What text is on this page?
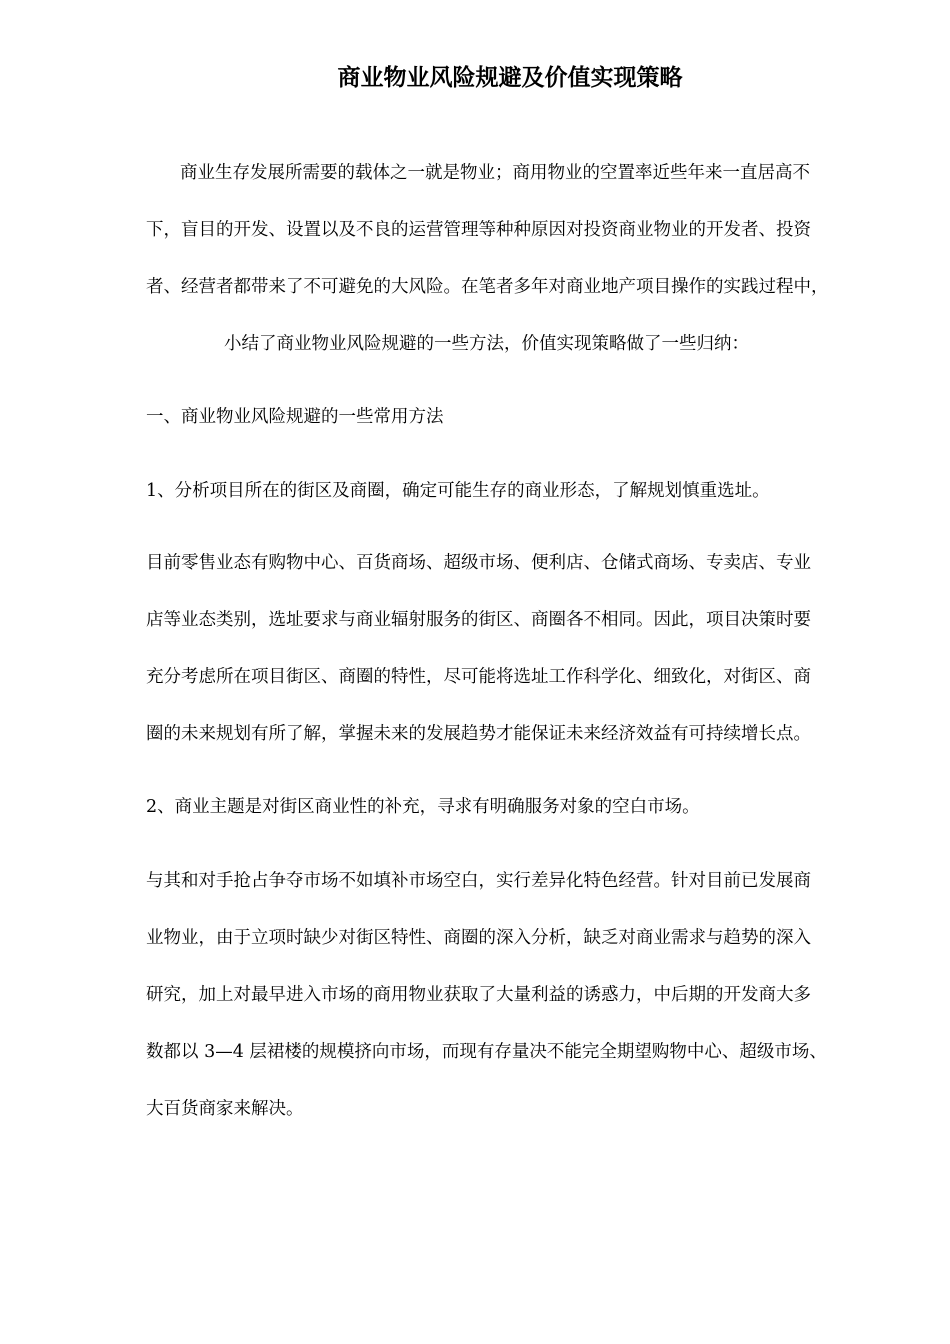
商业物业风险规避及价值实现策略
商业生存发展所需要的载体之一就是物业；商用物业的空置率近些年来一直居高不
下，盲目的开发、设置以及不良的运营管理等种种原因对投资商业物业的开发者、投资
者、经营者都带来了不可避免的大风险。在笔者多年对商业地产项目操作的实践过程中，
小结了商业物业风险规避的一些方法，价值实现策略做了一些归纳：
一、商业物业风险规避的一些常用方法
1、分析项目所在的街区及商圈，确定可能生存的商业形态，了解规划慎重选址。
目前零售业态有购物中心、百货商场、超级市场、便利店、仓储式商场、专卖店、专业
店等业态类别，选址要求与商业辐射服务的街区、商圈各不相同。因此，项目决策时要
充分考虑所在项目街区、商圈的特性，尽可能将选址工作科学化、细致化，对街区、商
圈的未来规划有所了解，掌握未来的发展趋势才能保证未来经济效益有可持续增长点。
2、商业主题是对街区商业性的补充，寻求有明确服务对象的空白市场。
与其和对手抢占争夺市场不如填补市场空白，实行差异化特色经营。针对目前已发展商
业物业，由于立项时缺少对街区特性、商圈的深入分析，缺乏对商业需求与趋势的深入
研究，加上对最早进入市场的商用物业获取了大量利益的诱惑力，中后期的开发商大多
数都以 3—4 层裙楼的规模挤向市场，而现有存量决不能完全期望购物中心、超级市场、
大百货商家来解决。
